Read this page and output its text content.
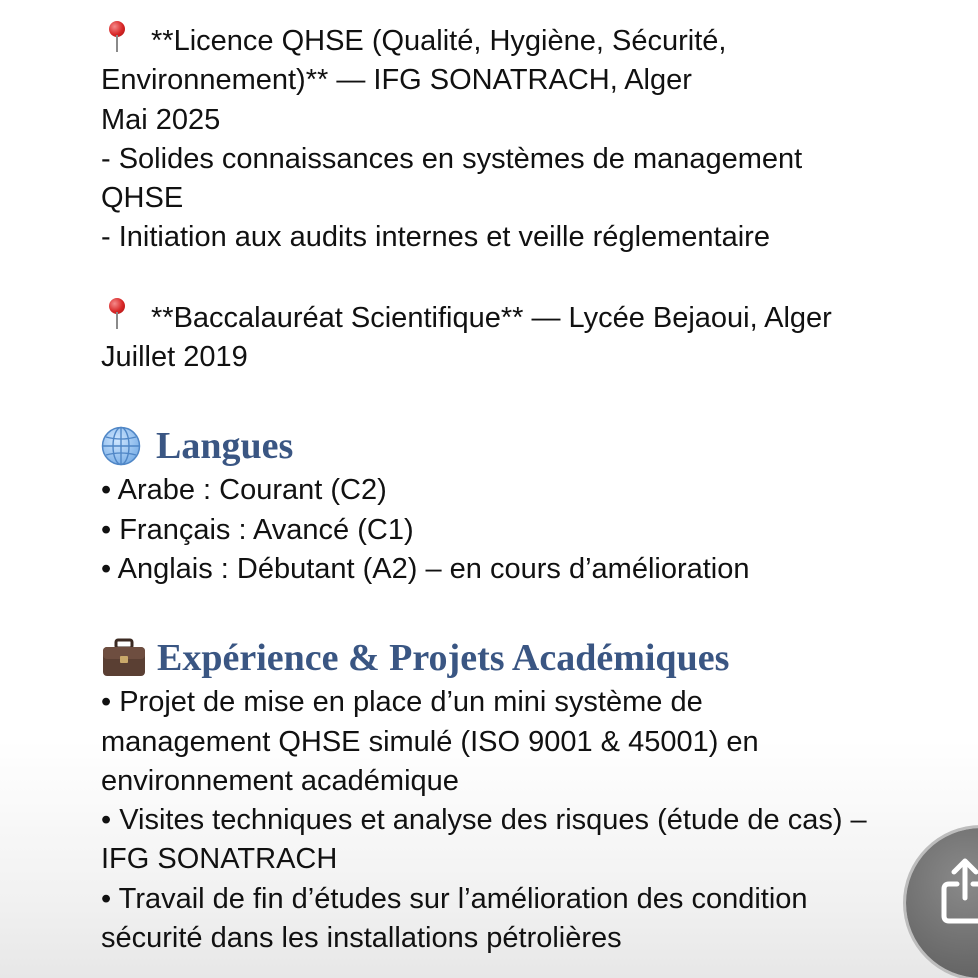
**Licence QHSE (Qualité, Hygiène, Sécurité,

Environnement)** — IFG SONATRACH, Alger

Mai 2025

- Solides connaissances en systèmes de management

QHSE

- Initiation aux audits internes et veille réglementaire

**Baccalauréat Scientifique** — Lycée Bejaoui, Alger

Juillet 2019

Langues

• Arabe : Courant (C2)

• Français : Avancé (C1)

• Anglais : Débutant (A2) – en cours d’amélioration

Expérience & Projets Académiques

• Projet de mise en place d’un mini système de

management QHSE simulé (ISO 9001 & 45001) en

environnement académique

• Visites techniques et analyse des risques (étude de cas) –

IFG SONATRACH

• Travail de fin d’études sur l’amélioration des condition

sécurité dans les installations pétrolières
